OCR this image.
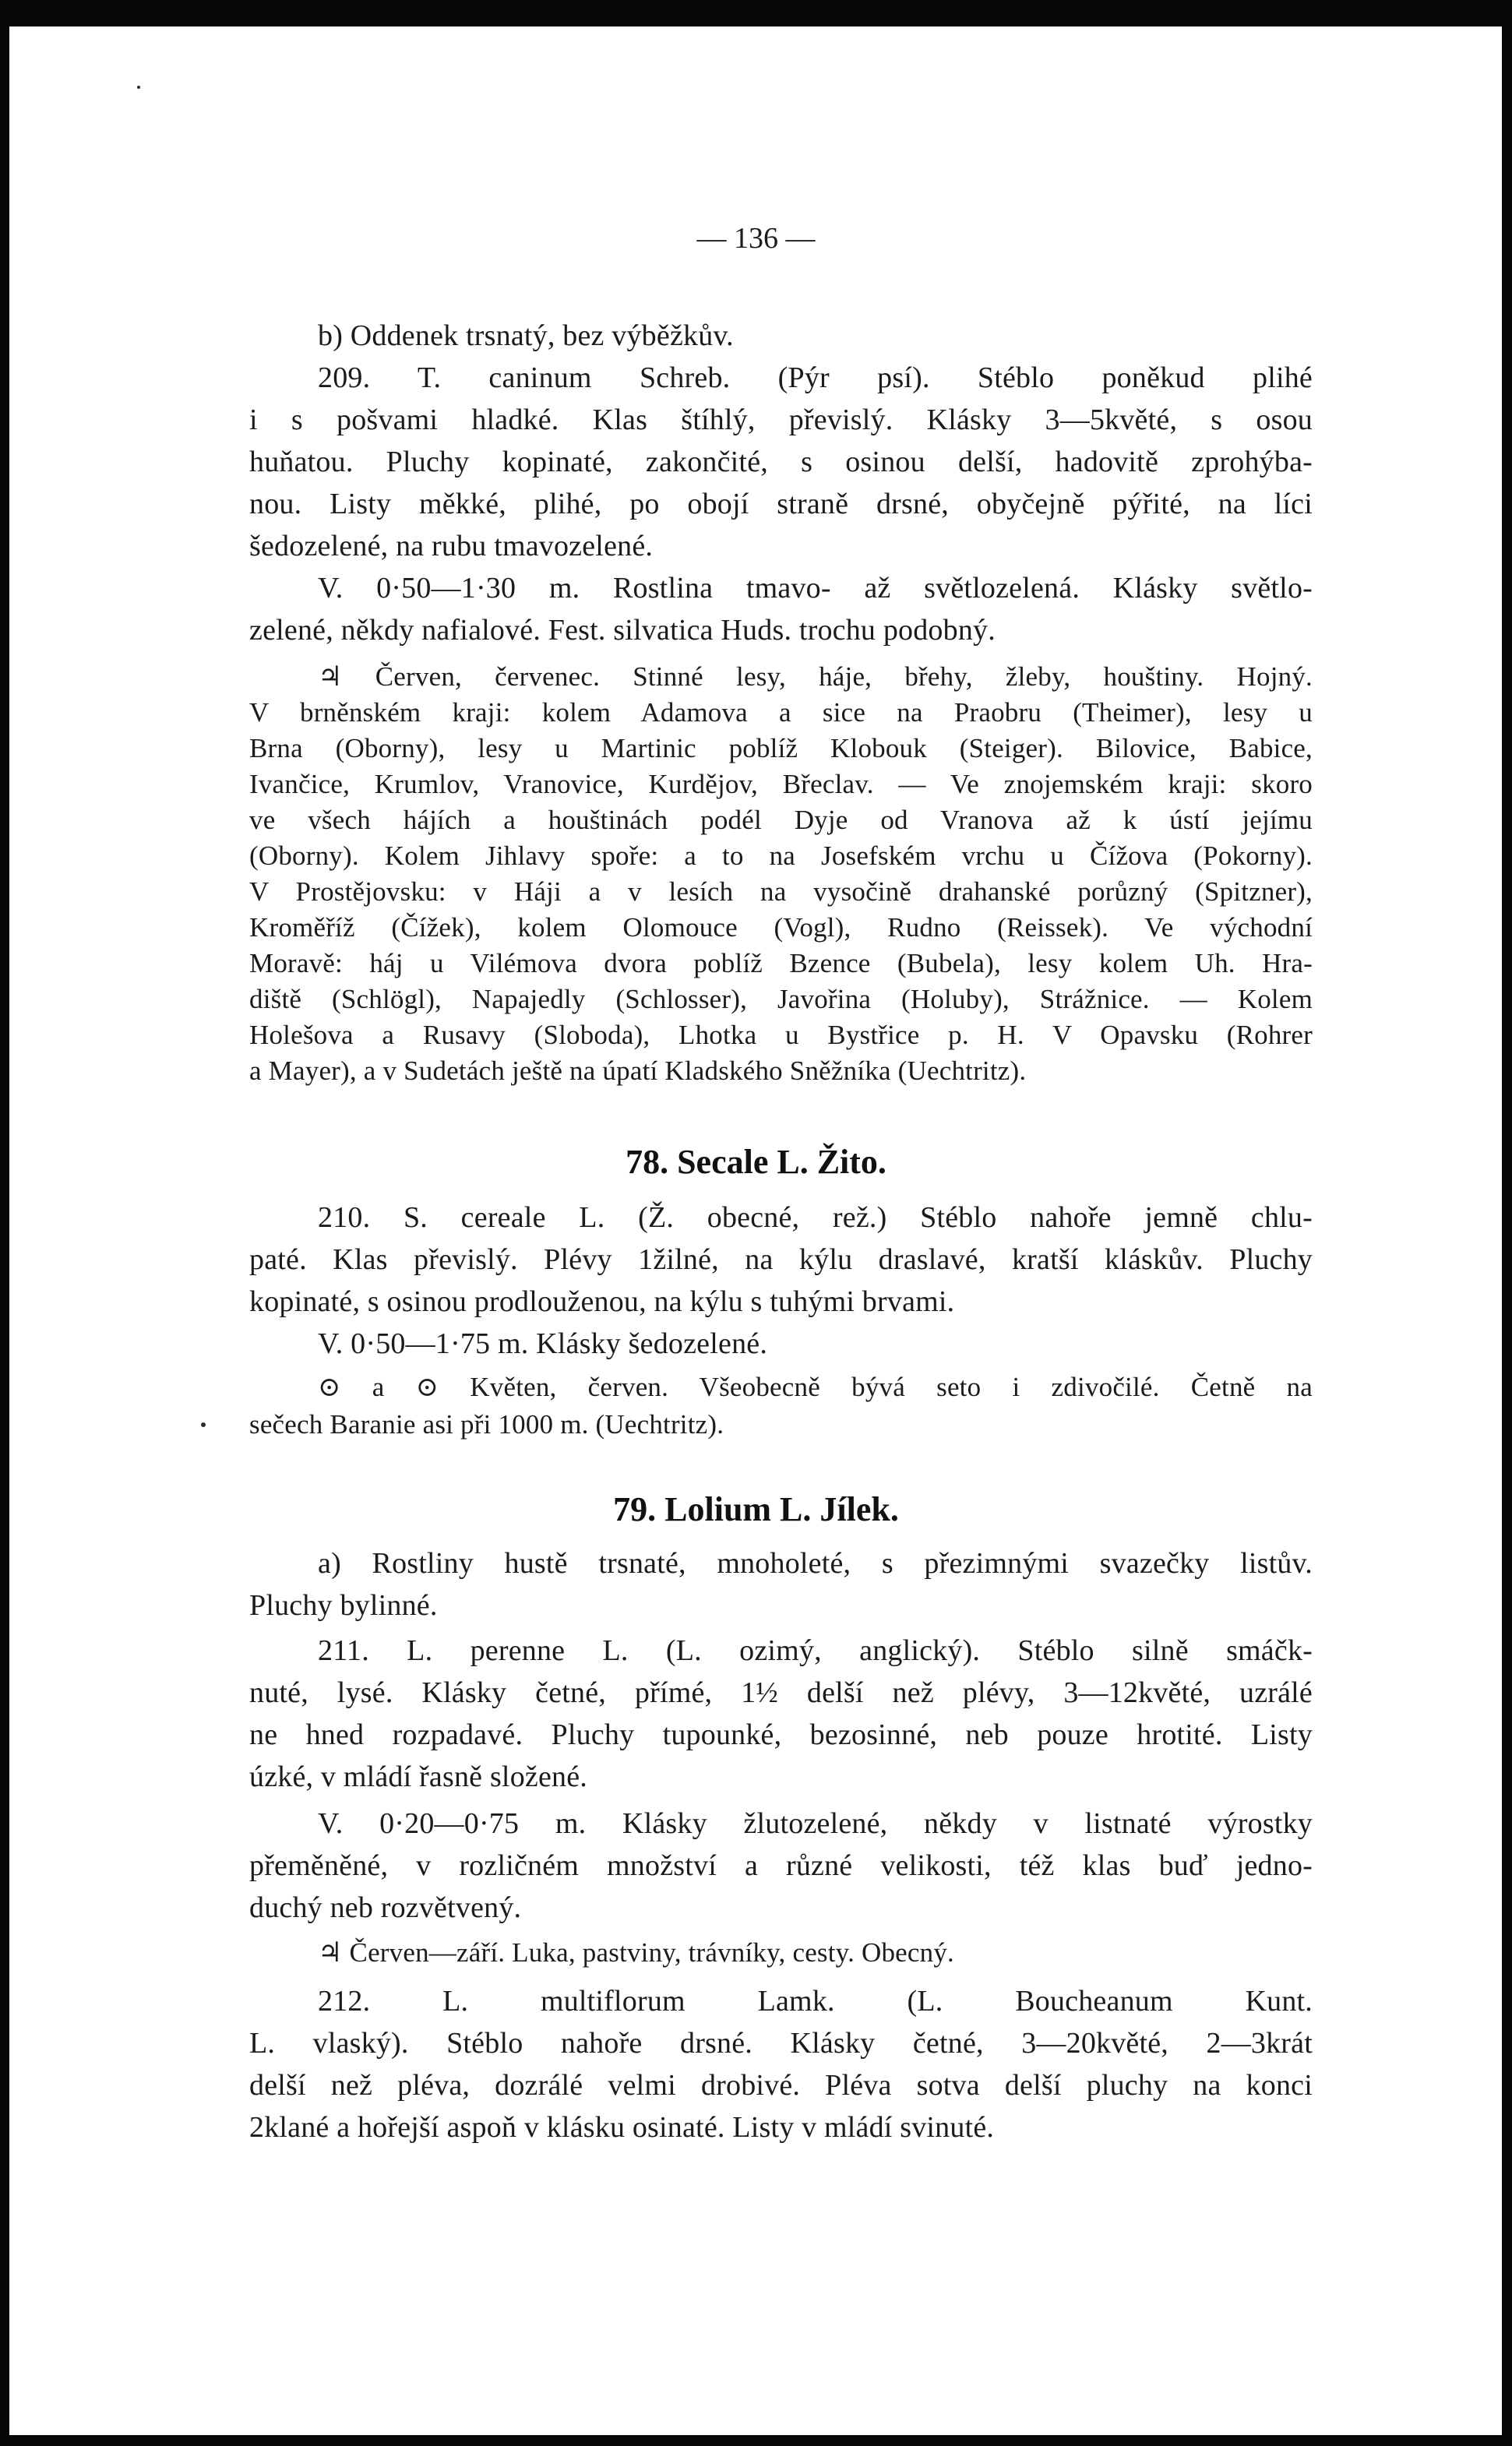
— 136 —
b) Oddenek trsnatý, bez výběžkův.
209. T. caninum Schreb. (Pýr psí). Stéblo poněkud plihé
i s pošvami hladké. Klas štíhlý, převislý. Klásky 3—5květé, s osou
huňatou. Pluchy kopinaté, zakončité, s osinou delší, hadovitě zprohýba-
nou. Listy měkké, plihé, po obojí straně drsné, obyčejně pýřité, na líci
šedozelené, na rubu tmavozelené.
V. 0·50—1·30 m. Rostlina tmavo- až světlozelená. Klásky světlo-
zelené, někdy nafialové. Fest. silvatica Huds. trochu podobný.
♃ Červen, červenec. Stinné lesy, háje, břehy, žleby, houštiny. Hojný.
V brněnském kraji: kolem Adamova a sice na Praobru (Theimer), lesy u
Brna (Oborny), lesy u Martinic poblíž Klobouk (Steiger). Bilovice, Babice,
Ivančice, Krumlov, Vranovice, Kurdějov, Břeclav. — Ve znojemském kraji: skoro
ve všech hájích a houštinách podél Dyje od Vranova až k ústí jejímu
(Oborny). Kolem Jihlavy spoře: a to na Josefském vrchu u Čížova (Pokorny).
V Prostějovsku: v Háji a v lesích na vysočině drahanské porůzný (Spitzner),
Kroměříž (Čížek), kolem Olomouce (Vogl), Rudno (Reissek). Ve východní
Moravě: háj u Vilémova dvora poblíž Bzence (Bubela), lesy kolem Uh. Hra-
diště (Schlögl), Napajedly (Schlosser), Javořina (Holuby), Strážnice. — Kolem
Holešova a Rusavy (Sloboda), Lhotka u Bystřice p. H. V Opavsku (Rohrer
a Mayer), a v Sudetách ještě na úpatí Kladského Sněžníka (Uechtritz).
78. Secale L. Žito.
210. S. cereale L. (Ž. obecné, rež.) Stéblo nahoře jemně chlu-
paté. Klas převislý. Plévy 1žilné, na kýlu draslavé, kratší kláskův. Pluchy
kopinaté, s osinou prodlouženou, na kýlu s tuhými brvami.
V. 0·50—1·75 m. Klásky šedozelené.
⊙ a ⊙ Květen, červen. Všeobecně bývá seto i zdivočilé. Četně na
sečech Baranie asi při 1000 m. (Uechtritz).
79. Lolium L. Jílek.
a) Rostliny hustě trsnaté, mnoholeté, s přezimnými svazečky listův.
Pluchy bylinné.
211. L. perenne L. (L. ozimý, anglický). Stéblo silně smáčk-
nuté, lysé. Klásky četné, přímé, 1½ delší než plévy, 3—12květé, uzrálé
ne hned rozpadavé. Pluchy tupounké, bezosinné, neb pouze hrotité. Listy
úzké, v mládí řasně složené.
V. 0·20—0·75 m. Klásky žlutozelené, někdy v listnaté výrostky
přeměněné, v rozličném množství a různé velikosti, též klas buď jedno-
duchý neb rozvětvený.
♃ Červen—září. Luka, pastviny, trávníky, cesty. Obecný.
212. L. multiflorum Lamk. (L. Boucheanum Kunt.
L. vlaský). Stéblo nahoře drsné. Klásky četné, 3—20květé, 2—3krát
delší než pléva, dozrálé velmi drobivé. Pléva sotva delší pluchy na konci
2klané a hořejší aspoň v klásku osinaté. Listy v mládí svinuté.
